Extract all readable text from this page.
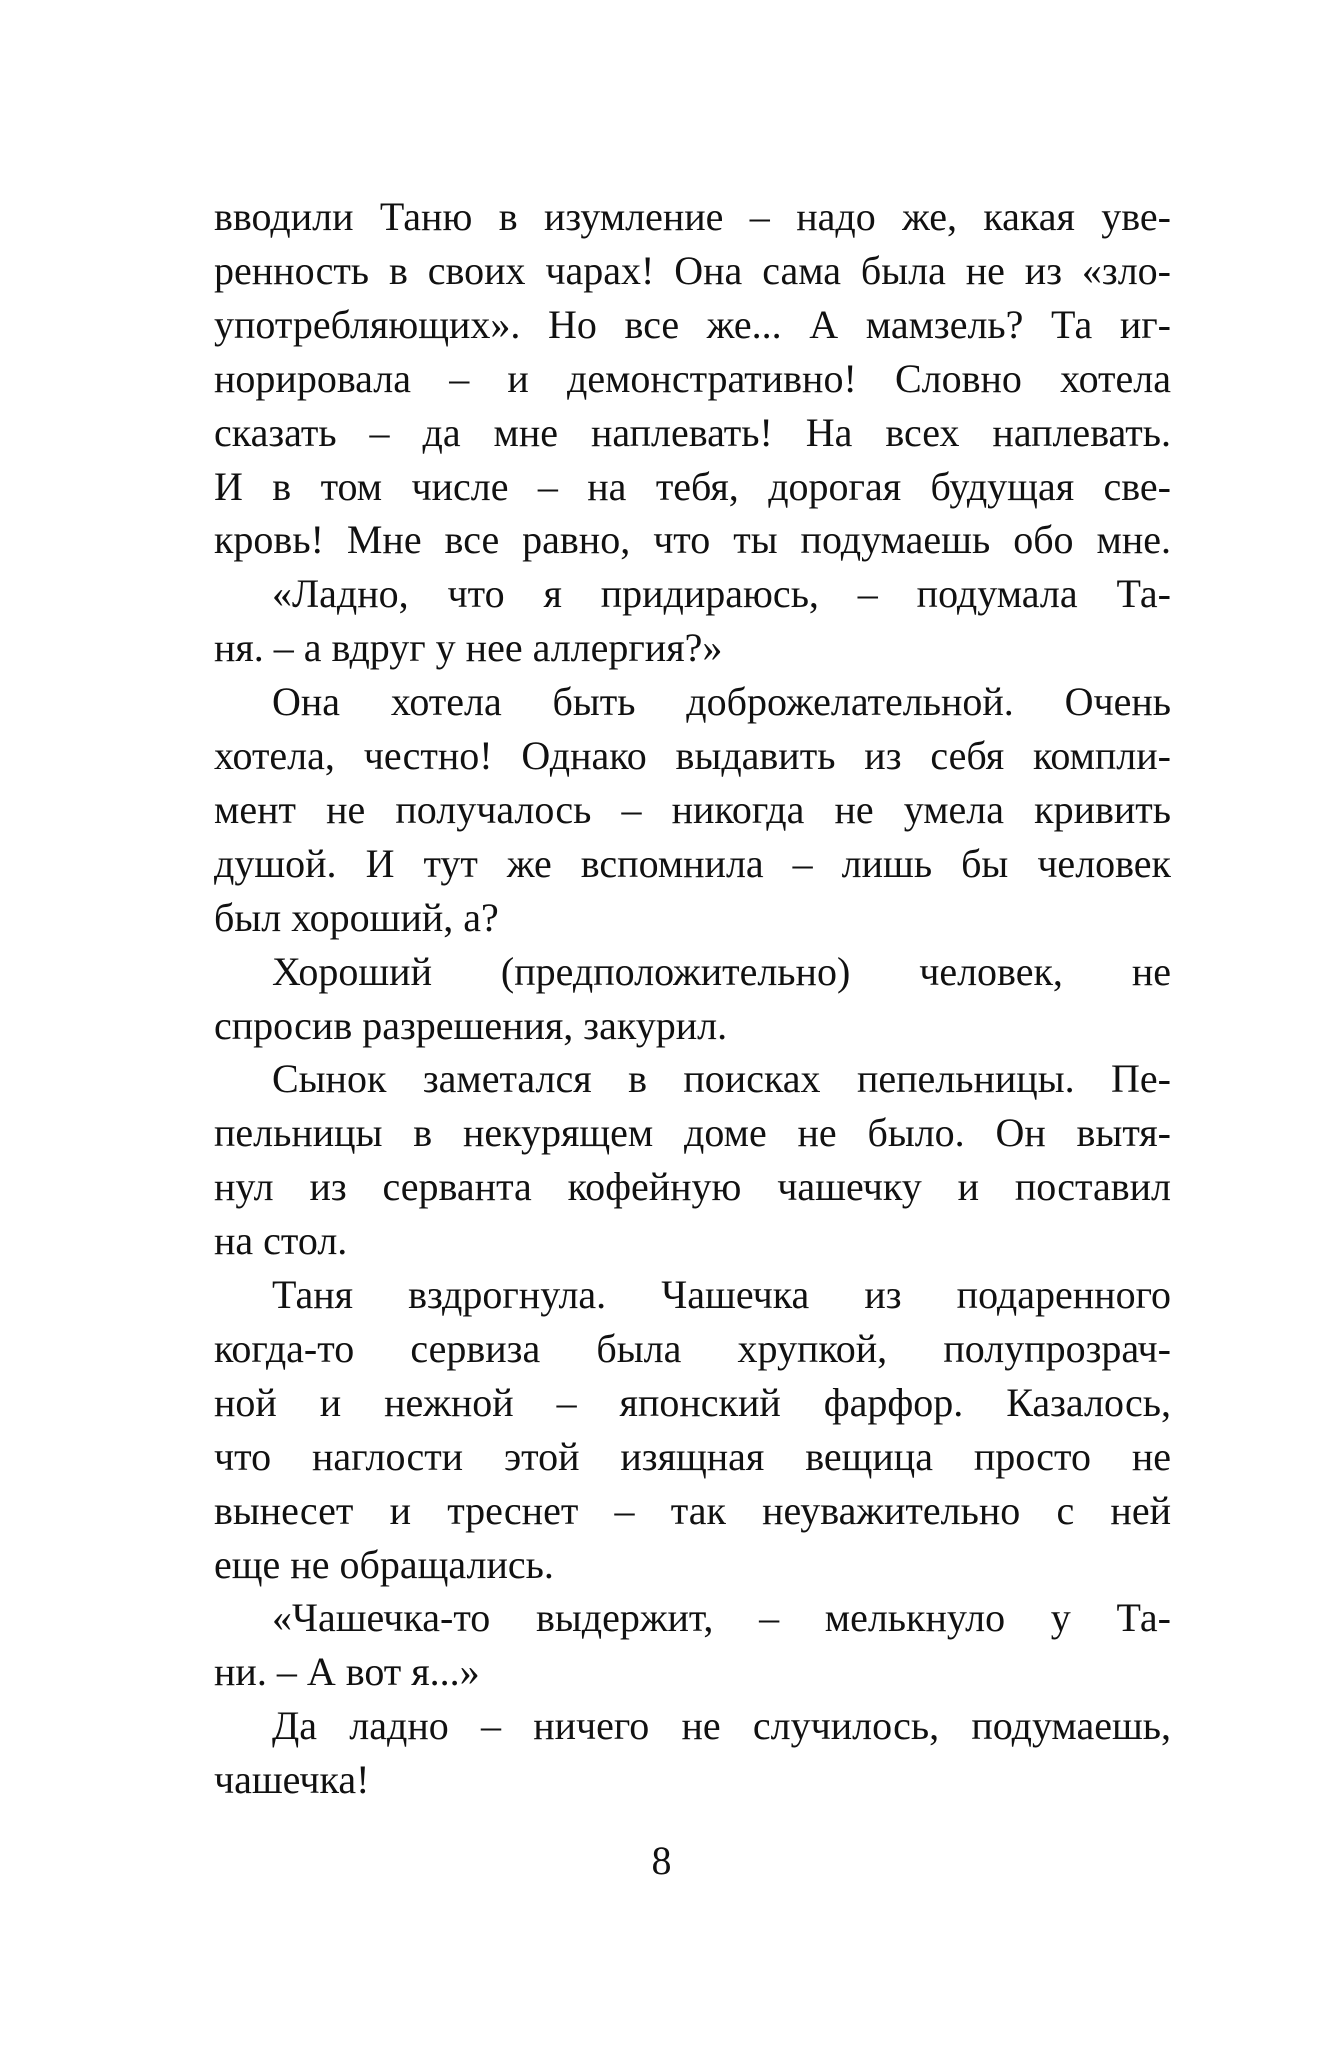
вводили Таню в изумление – надо же, какая уве-
ренность в своих чарах! Она сама была не из «зло-
употребляющих». Но все же... А мамзель? Та иг-
норировала – и демонстративно! Словно хотела
сказать – да мне наплевать! На всех наплевать.
И в том числе – на тебя, дорогая будущая све-
кровь! Мне все равно, что ты подумаешь обо мне.
«Ладно, что я придираюсь, – подумала Та-
ня. – а вдруг у нее аллергия?»
Она хотела быть доброжелательной. Очень
хотела, честно! Однако выдавить из себя компли-
мент не получалось – никогда не умела кривить
душой. И тут же вспомнила – лишь бы человек
был хороший, а?
Хороший (предположительно) человек, не
спросив разрешения, закурил.
Сынок заметался в поисках пепельницы. Пе-
пельницы в некурящем доме не было. Он вытя-
нул из серванта кофейную чашечку и поставил
на стол.
Таня вздрогнула. Чашечка из подаренного
когда-то сервиза была хрупкой, полупрозрач-
ной и нежной – японский фарфор. Казалось,
что наглости этой изящная вещица просто не
вынесет и треснет – так неуважительно с ней
еще не обращались.
«Чашечка-то выдержит, – мелькнуло у Та-
ни. – А вот я...»
Да ладно – ничего не случилось, подумаешь,
чашечка!
8
